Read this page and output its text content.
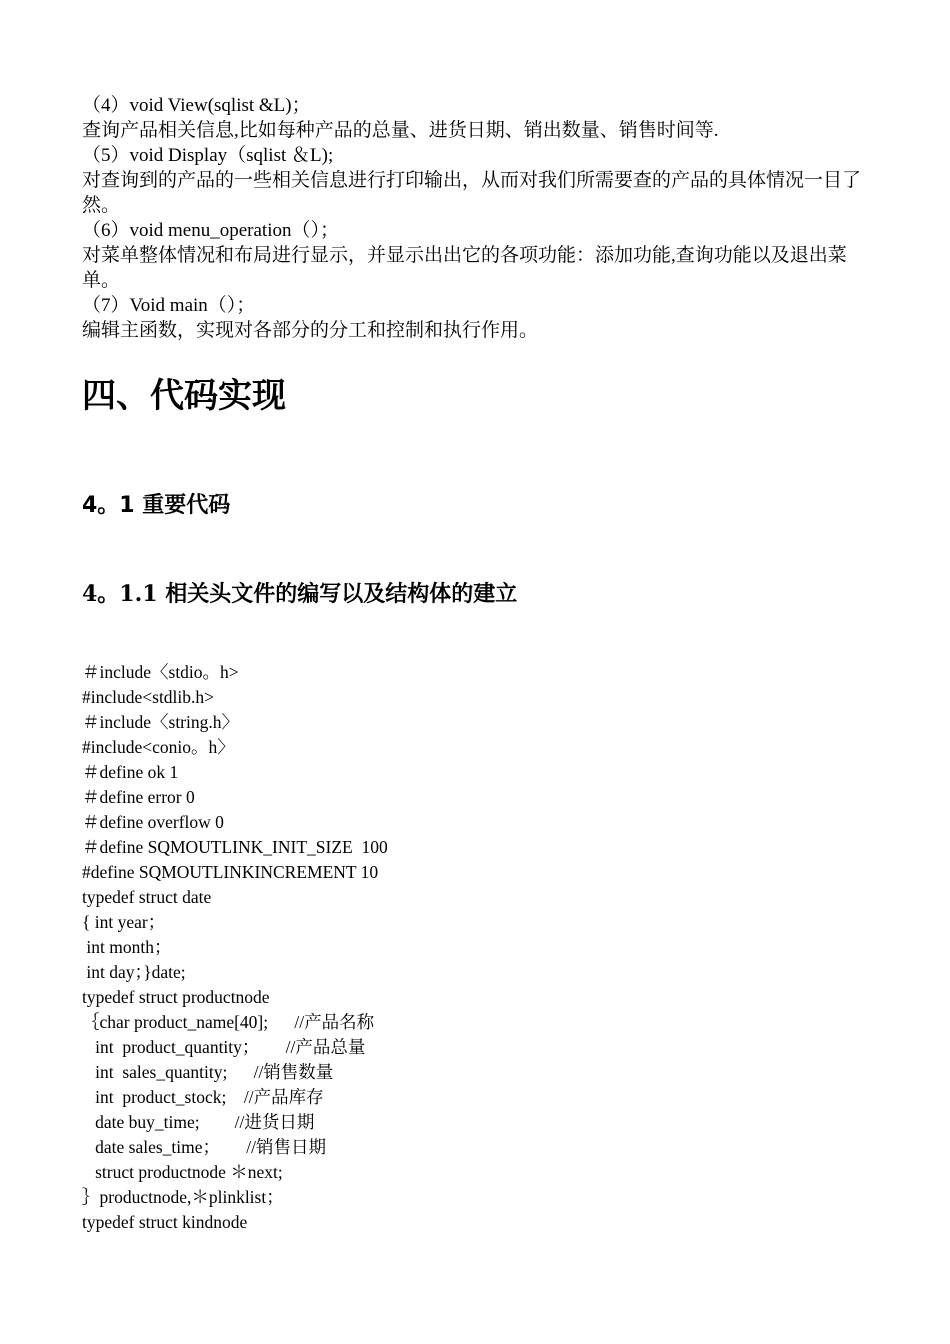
（4）void View(sqlist &L)；

查询产品相关信息,比如每种产品的总量、进货日期、销出数量、销售时间等.

（5）void Display（sqlist ＆L);

对查询到的产品的一些相关信息进行打印输出，从而对我们所需要查的产品的具体情况一目了然。

（6）void menu_operation（）；

对菜单整体情况和布局进行显示，并显示出出它的各项功能：添加功能,查询功能以及退出菜单。

（7）Void main（）；

编辑主函数，实现对各部分的分工和控制和执行作用。

四、代码实现
4。1 重要代码
4。1.1 相关头文件的编写以及结构体的建立

＃include〈stdio。h>

#include<stdlib.h>

＃include〈string.h〉

#include<conio。h〉

＃define ok 1

＃define error 0

＃define overflow 0

＃define SQMOUTLINK_INIT_SIZE  100

#define SQMOUTLINKINCREMENT 10

typedef struct date

{ int year；

int month；

int day；}date;

typedef struct productnode

｛char product_name[40];      //产品名称

int  product_quantity；      //产品总量

int  sales_quantity;      //销售数量

int  product_stock;    //产品库存

date buy_time;        //进货日期

date sales_time；      //销售日期

struct productnode ＊next;

｝productnode,＊plinklist；

typedef struct kindnode
